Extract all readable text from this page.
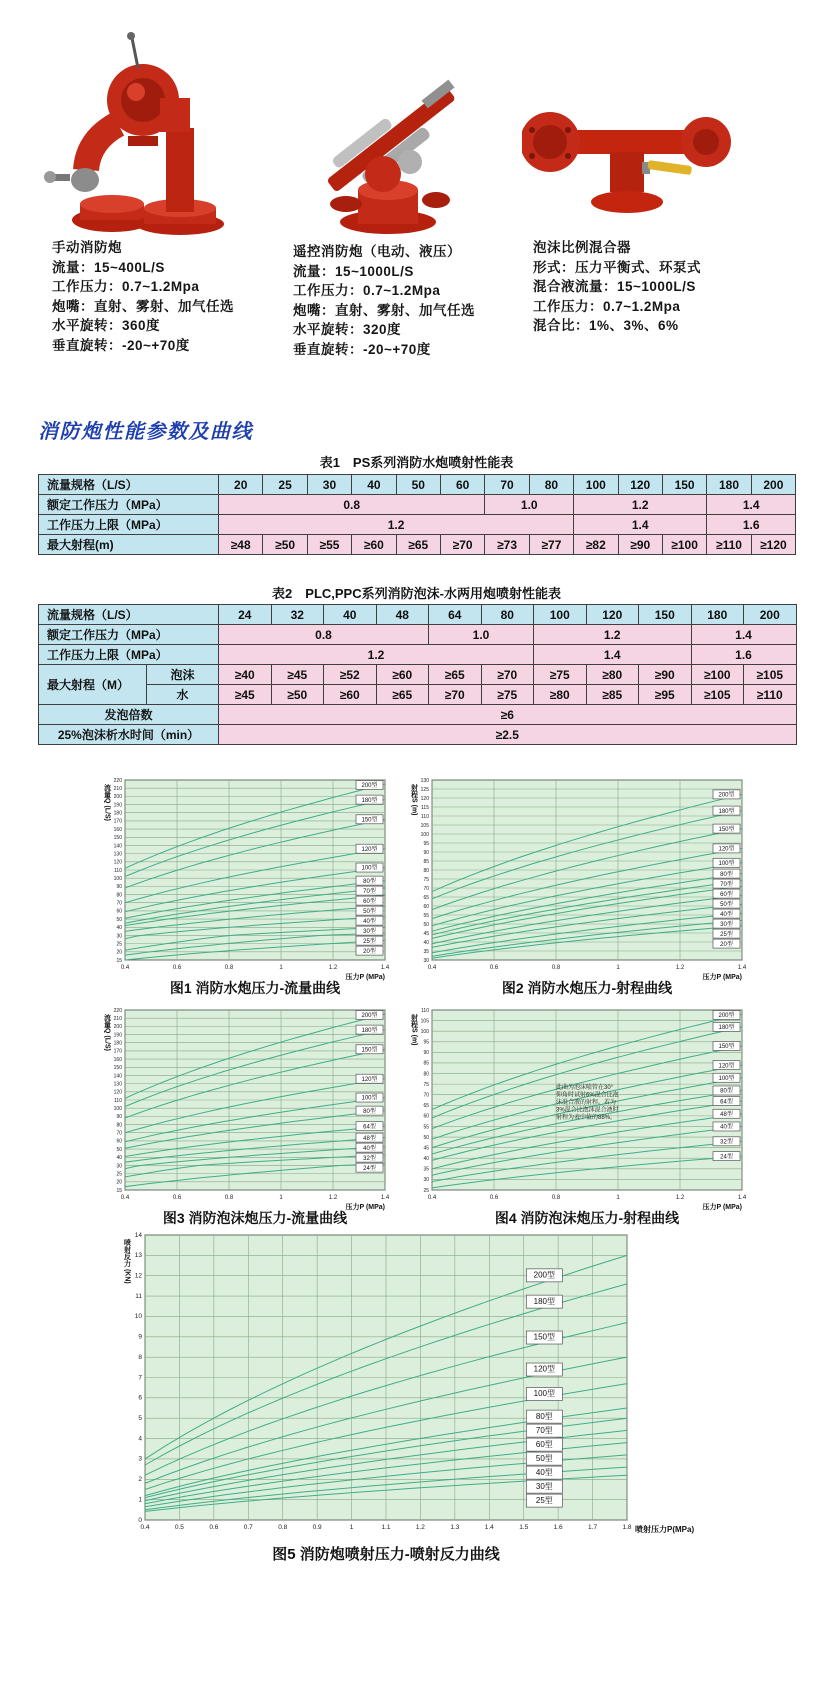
手动消防炮
流量：15~400L/S
工作压力：0.7~1.2Mpa
炮嘴：直射、雾射、加气任选
水平旋转：360度
垂直旋转：-20~+70度
遥控消防炮（电动、液压）
流量：15~1000L/S
工作压力：0.7~1.2Mpa
炮嘴：直射、雾射、加气任选
水平旋转：320度
垂直旋转：-20~+70度
泡沫比例混合器
形式：压力平衡式、环泵式
混合液流量：15~1000L/S
工作压力：0.7~1.2Mpa
混合比：1%、3%、6%
消防炮性能参数及曲线
表1　PS系列消防水炮喷射性能表
流量规格（L/S）	20	25	30	40	50	60	70	80	100	120	150	180	200
额定工作压力（MPa）	0.8						1.0		1.2			1.4	
工作压力上限（MPa）	1.2								1.4			1.6	
最大射程(m)	≥48	≥50	≥55	≥60	≥65	≥70	≥73	≥77	≥82	≥90	≥100	≥110	≥120
表2　PLC,PPC系列消防泡沫-水两用炮喷射性能表
流量规格（L/S）		24	32	40	48	64	80	100	120	150	180	200
额定工作压力（MPa）		0.8				1.0		1.2			1.4	
工作压力上限（MPa）		1.2						1.4			1.6	
最大射程（M）	泡沫	≥40	≥45	≥52	≥60	≥65	≥70	≥75	≥80	≥90	≥100	≥105
	水	≥45	≥50	≥60	≥65	≥70	≥75	≥80	≥85	≥95	≥105	≥110
发泡倍数		≥6										
25%泡沫析水时间（min）		≥2.5										
15
20
25
30
40
50
60
70
80
90
100
110
120
130
140
150
160
170
180
190
200
210
220
0.4	0.6	0.8	1	1.2	1.4
200型
180型
150型
120型
100型
80型
70型
60型
50型
40型
30型
25型
20型
压力P (MPa)
流量Q (L/S)
图1 消防水炮压力-流量曲线
30
35
40
45
50
55
60
65
70
75
80
85
90
95
100
105
110
115
120
125
130
0.4	0.6	0.8	1	1.2	1.4
200型
180型
150型
120型
100型
80型
70型
60型
50型
40型
30型
25型
20型
压力P (MPa)
射程S (m)
图2 消防水炮压力-射程曲线
15
20
25
30
40
50
60
70
80
90
100
110
120
130
140
150
160
170
180
190
200
210
220
0.4	0.6	0.8	1	1.2	1.4
200型
180型
150型
120型
100型
80型
64型
48型
40型
32型
24型
压力P (MPa)
流量Q (L/S)
图3 消防泡沫炮压力-流量曲线
25
30
35
40
45
50
55
60
65
70
75
80
85
90
95
100
105
110
0.4	0.6	0.8	1	1.2	1.4
200型
180型
150型
120型
100型
80型
64型
48型
40型
32型
24型
压力P (MPa)
射程S (m)
此曲为泡沫喷管在30°
仰角时试射6%混合比泡
沫混合液的射程。若为
3%混合比泡沫混合液时
射程为表中值的88%。
图4 消防泡沫炮压力-射程曲线
0
1
2
3
4
5
6
7
8
9
10
11
12
13
14
0.4	0.5	0.6	0.7	0.8	0.9	1	1.1	1.2	1.3	1.4	1.5	1.6	1.7	1.8
200型
180型
150型
120型
100型
80型
70型
60型
50型
40型
30型
25型
喷射压力P(MPa)
喷射反力 (KN)
图5 消防炮喷射压力-喷射反力曲线
